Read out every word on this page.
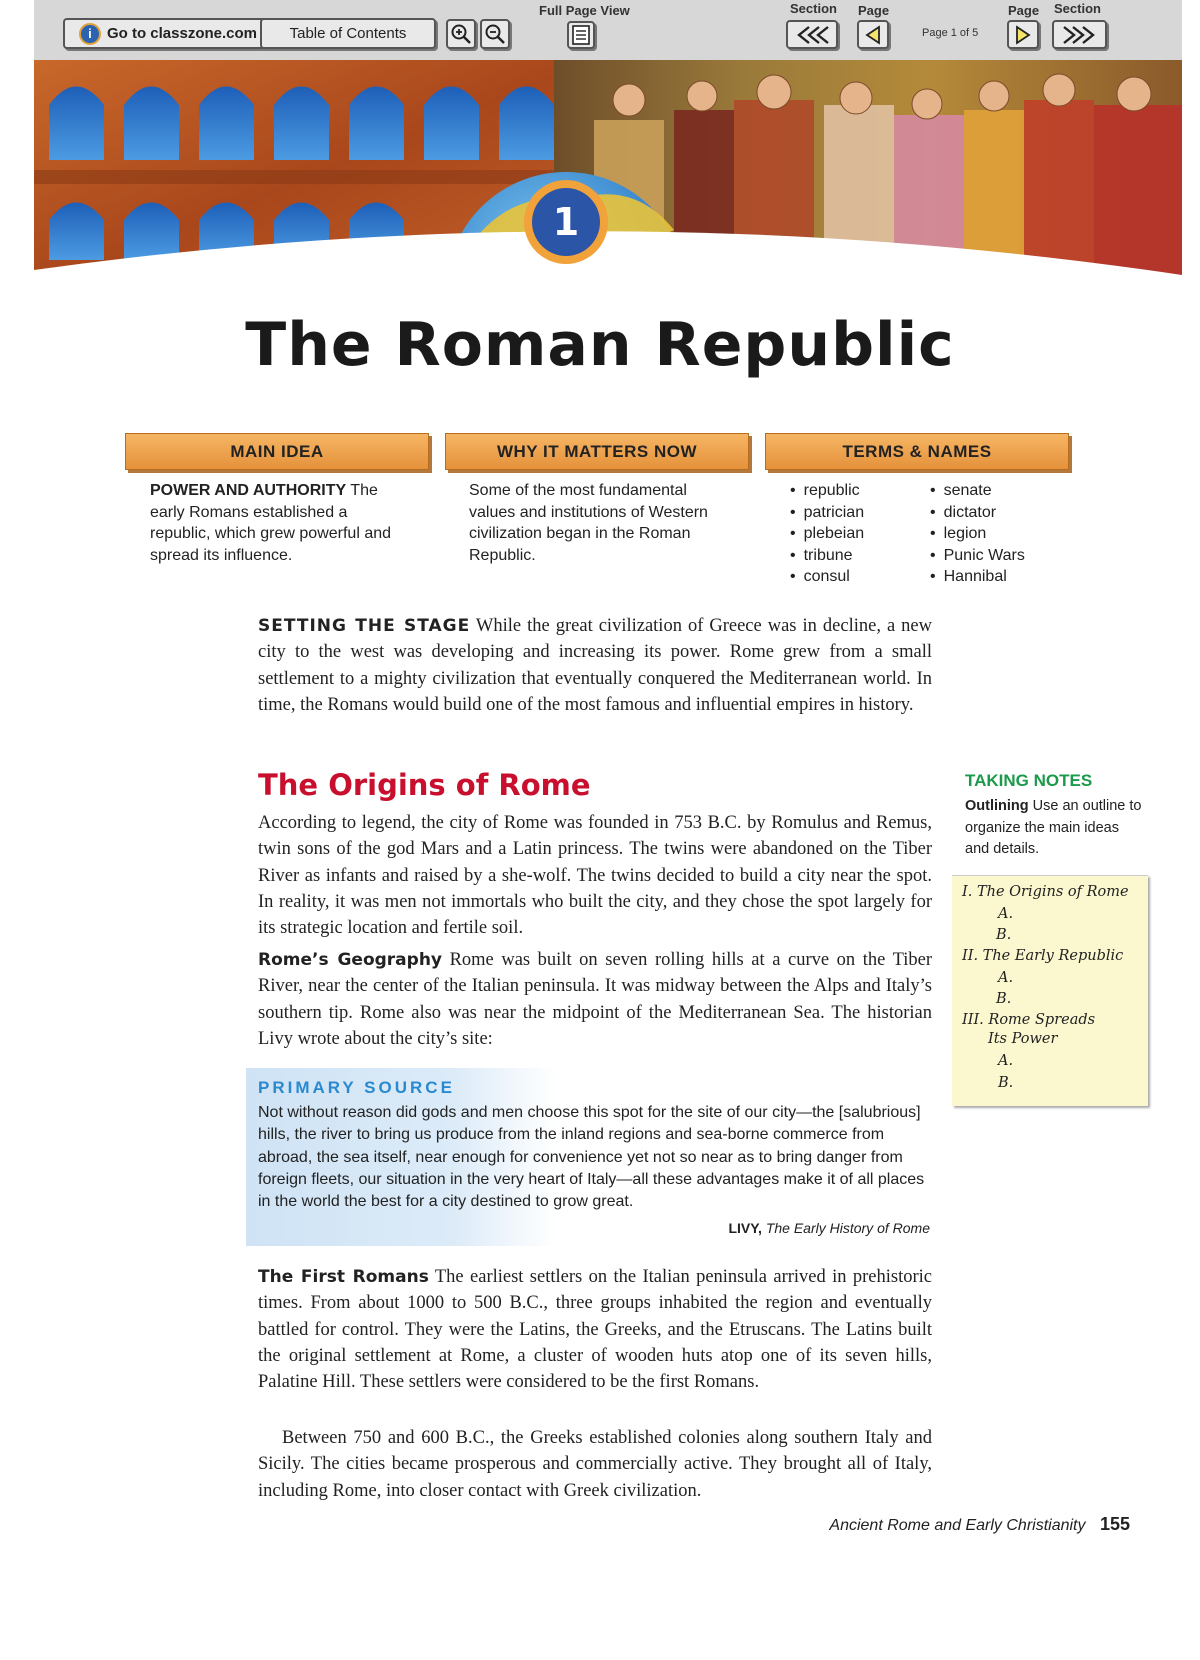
i	Go to classzone.com Table of Contents
Full Page View	Section Page
Page 1 of 5
Page Section
1
The Roman Republic
MAIN IDEA	WHY IT MATTERS NOW	TERMS & NAMES
POWER AND AUTHORITY The early Romans established a republic, which grew powerful and spread its influence.
Some of the most fundamental values and institutions of Western civilization began in the Roman Republic.
• republic
• patrician
• plebeian
• tribune
• consul
• senate
• dictator
• legion
• Punic Wars
• Hannibal
SETTING THE STAGE While the great civilization of Greece was in decline, a new city to the west was developing and increasing its power. Rome grew from a small settlement to a mighty civilization that eventually conquered the Mediterranean world. In time, the Romans would build one of the most famous and influential empires in history.
The Origins of Rome

According to legend, the city of Rome was founded in 753 B.C. by Romulus and Remus, twin sons of the god Mars and a Latin princess. The twins were abandoned on the Tiber River as infants and raised by a she-wolf. The twins decided to build a city near the spot. In reality, it was men not immortals who built the city, and they chose the spot largely for its strategic location and fertile soil.

Rome’s Geography Rome was built on seven rolling hills at a curve on the Tiber River, near the center of the Italian peninsula. It was midway between the Alps and Italy’s southern tip. Rome also was near the midpoint of the Mediterranean Sea. The historian Livy wrote about the city’s site:

PRIMARY SOURCE
Not without reason did gods and men choose this spot for the site of our city—the [salubrious] hills, the river to bring us produce from the inland regions and sea-borne commerce from abroad, the sea itself, near enough for convenience yet not so near as to bring danger from foreign fleets, our situation in the very heart of Italy—all these advantages make it of all places in the world the best for a city destined to grow great.
LIVY, The Early History of Rome

The First Romans The earliest settlers on the Italian peninsula arrived in prehistoric times. From about 1000 to 500 B.C., three groups inhabited the region and eventually battled for control. They were the Latins, the Greeks, and the Etruscans. The Latins built the original settlement at Rome, a cluster of wooden huts atop one of its seven hills, Palatine Hill. These settlers were considered to be the first Romans.

Between 750 and 600 B.C., the Greeks established colonies along southern Italy and Sicily. The cities became prosperous and commercially active. They brought all of Italy, including Rome, into closer contact with Greek civilization.

TAKING NOTES
Outlining Use an outline to organize the main ideas and details.
I. The Origins of Rome
A.
B.
II. The Early Republic
A.
B.
III. Rome Spreads
Its Power
A.
B.
Ancient Rome and Early Christianity 155
